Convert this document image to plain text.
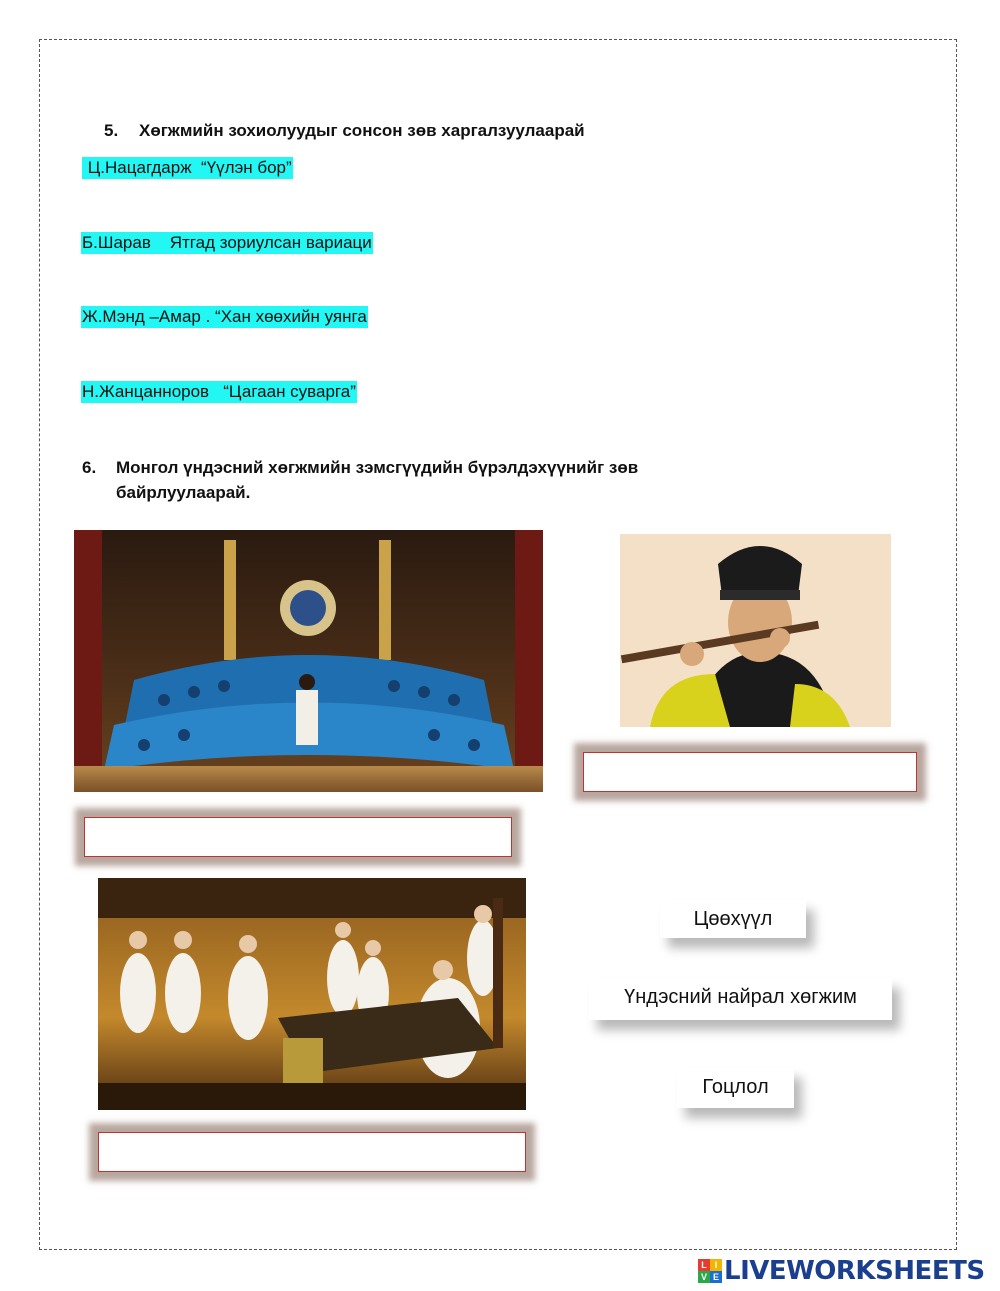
5. Хөгжмийн зохиолуудыг сонсон зөв харгалзуулаарай
Ц.Нацагдарж  “Үүлэн бор”
Б.Шарав    Ятгад зориулсан вариаци
Ж.Мэнд –Амар . “Хан хөөхийн уянга
Н.Жанцанноров   “Цагаан суварга”
6. Монгол үндэсний хөгжмийн зэмсгүүдийн бүрэлдэхүүнийг зөв
байрлуулаарай.
Цөөхүүл
Үндэсний найрал хөгжим
Гоцлол
L I
V E LIVEWORKSHEETS
